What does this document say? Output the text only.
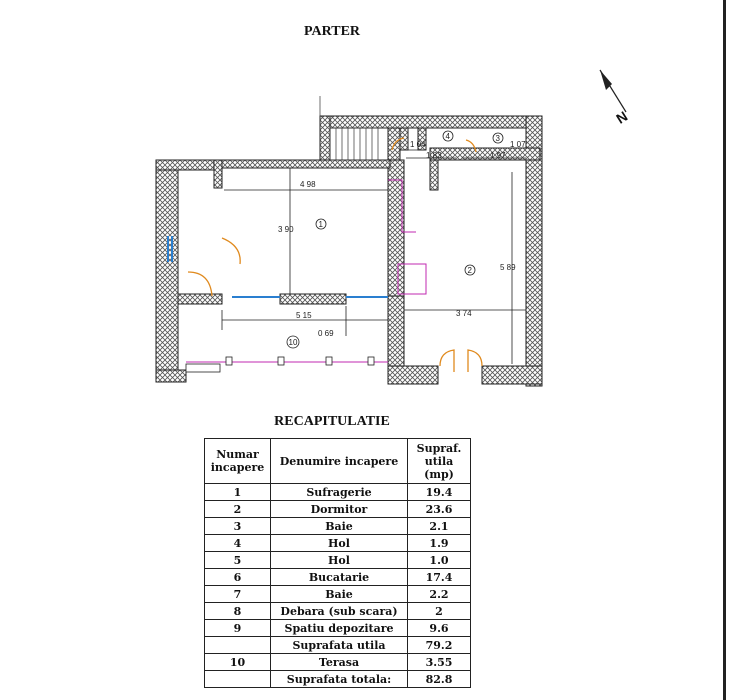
PARTER
4 98
3 90
1 04
1 83
1 07
1 97
5 89
5 15	3 74
0 69
1
2
3
4
10
N
RECAPITULATIE
Numar incapere	Denumire incapere	Supraf. utila (mp)
1	Sufragerie	19.4
2	Dormitor	23.6
3	Baie	2.1
4	Hol	1.9
5	Hol	1.0
6	Bucatarie	17.4
7	Baie	2.2
8	Debara (sub scara)	2
9	Spatiu depozitare	9.6
	Suprafata utila	79.2
10	Terasa	3.55
	Suprafata totala:	82.8
